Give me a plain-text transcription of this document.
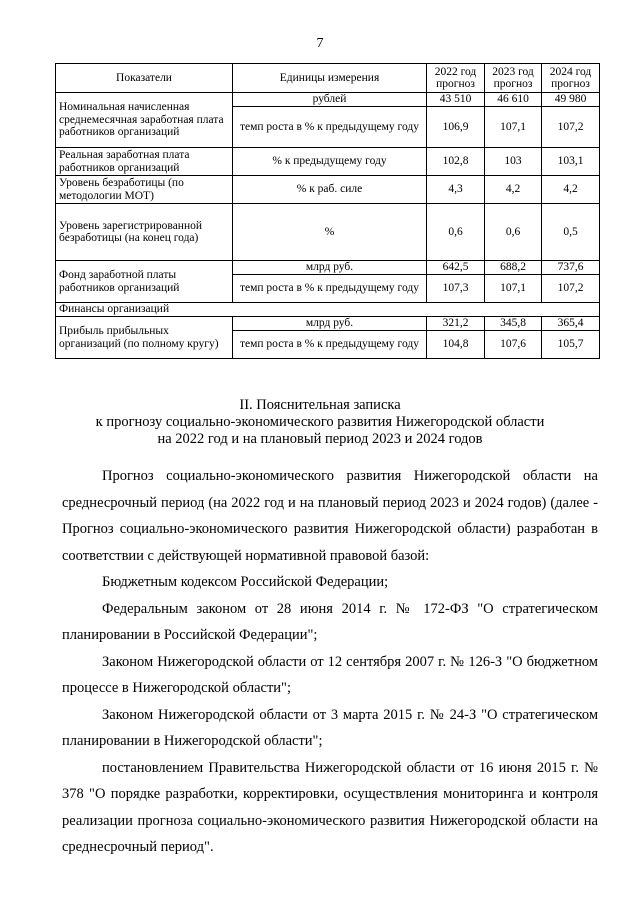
7
Показатели	Единицы измерения	2022 год прогноз	2023 год прогноз	2024 год прогноз
Номинальная начисленная среднемесячная заработная плата работников организаций	рублей	43 510	46 610	49 980
	темп роста в % к предыдущему году	106,9	107,1	107,2
Реальная заработная плата работников организаций	% к предыдущему году	102,8	103	103,1
Уровень безработицы (по методологии МОТ)	% к раб. силе	4,3	4,2	4,2
Уровень зарегистрированной безработицы (на конец года)	%	0,6	0,6	0,5
Фонд заработной платы работников организаций	млрд руб.	642,5	688,2	737,6
	темп роста в % к предыдущему году	107,3	107,1	107,2
Финансы организаций				
Прибыль прибыльных организаций (по полному кругу)	млрд руб.	321,2	345,8	365,4
	темп роста в % к предыдущему году	104,8	107,6	105,7
II. Пояснительная записка
к прогнозу социально-экономического развития Нижегородской области
на 2022 год и на плановый период 2023 и 2024 годов

Прогноз социально-экономического развития Нижегородской области на среднесрочный период (на 2022 год и на плановый период 2023 и 2024 годов) (далее - Прогноз социально-экономического развития Нижегородской области) разработан в соответствии с действующей нормативной правовой базой:

Бюджетным кодексом Российской Федерации;

Федеральным законом от 28 июня 2014 г. № 172-ФЗ "О стратегическом планировании в Российской Федерации";

Законом Нижегородской области от 12 сентября 2007 г. № 126-З "О бюджетном процессе в Нижегородской области";

Законом Нижегородской области от 3 марта 2015 г. № 24-З "О стратегическом планировании в Нижегородской области";

постановлением Правительства Нижегородской области от 16 июня 2015 г. № 378 "О порядке разработки, корректировки, осуществления мониторинга и контроля реализации прогноза социально-экономического развития Нижегородской области на среднесрочный период".
